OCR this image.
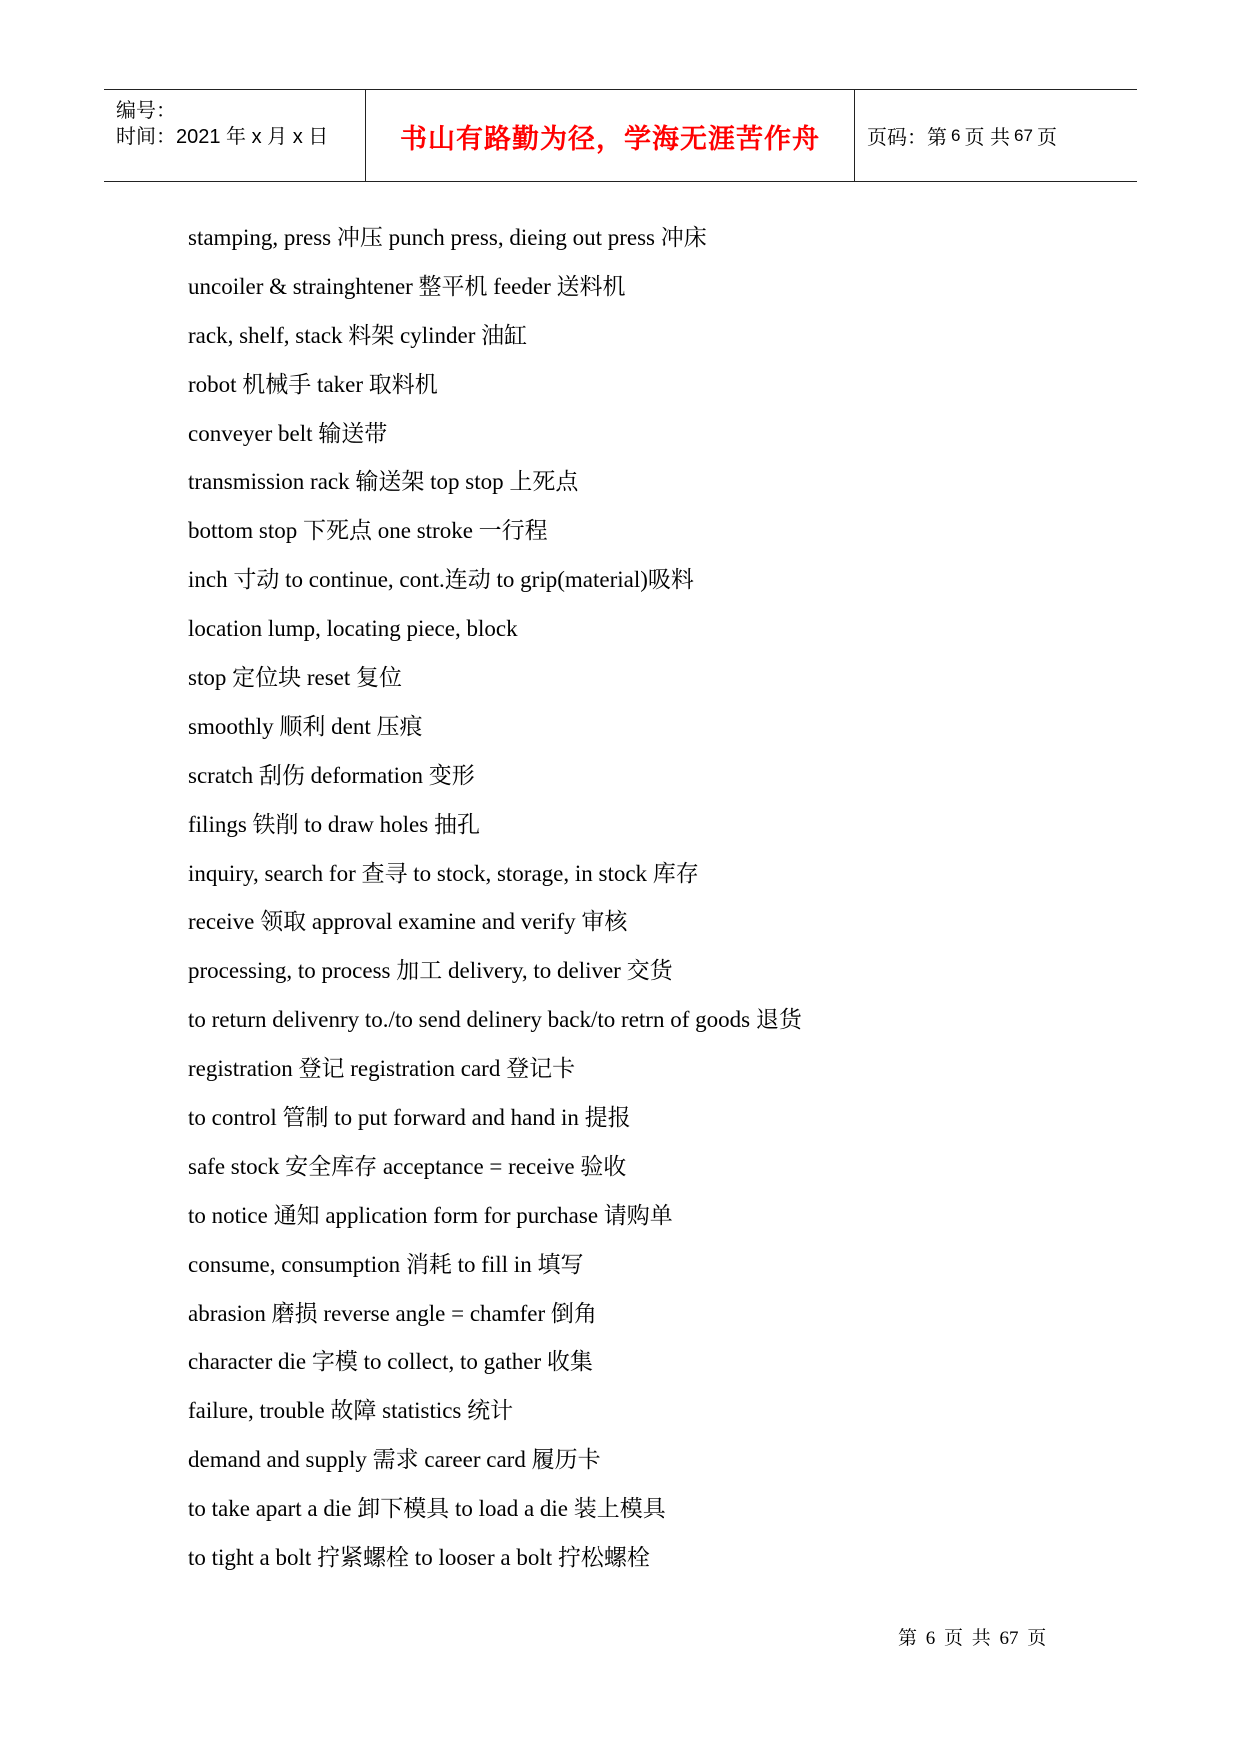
编号：
时间：2021 年 x 月 x 日	书山有路勤为径，学海无涯苦作舟 页码：第 6 页 共 67 页
stamping, press 冲压 punch press, dieing out press 冲床
uncoiler & strainghtener 整平机 feeder 送料机
rack, shelf, stack 料架 cylinder 油缸
robot 机械手 taker 取料机
conveyer belt 输送带
transmission rack 输送架 top stop 上死点
bottom stop 下死点 one stroke 一行程
inch 寸动 to continue, cont.连动 to grip(material)吸料
location lump, locating piece, block
stop 定位块 reset 复位
smoothly 顺利 dent 压痕
scratch 刮伤 deformation 变形
filings 铁削 to draw holes 抽孔
inquiry, search for 查寻 to stock, storage, in stock 库存
receive 领取 approval examine and verify 审核
processing, to process 加工 delivery, to deliver 交货
to return delivenry to./to send delinery back/to retrn of goods 退货
registration 登记 registration card 登记卡
to control 管制 to put forward and hand in 提报
safe stock 安全库存 acceptance = receive 验收
to notice 通知 application form for purchase 请购单
consume, consumption 消耗 to fill in 填写
abrasion 磨损 reverse angle = chamfer 倒角
character die 字模 to collect, to gather 收集
failure, trouble 故障 statistics 统计
demand and supply 需求 career card 履历卡
to take apart a die 卸下模具 to load a die 装上模具
to tight a bolt 拧紧螺栓 to looser a bolt 拧松螺栓
第 6 页 共 67 页
